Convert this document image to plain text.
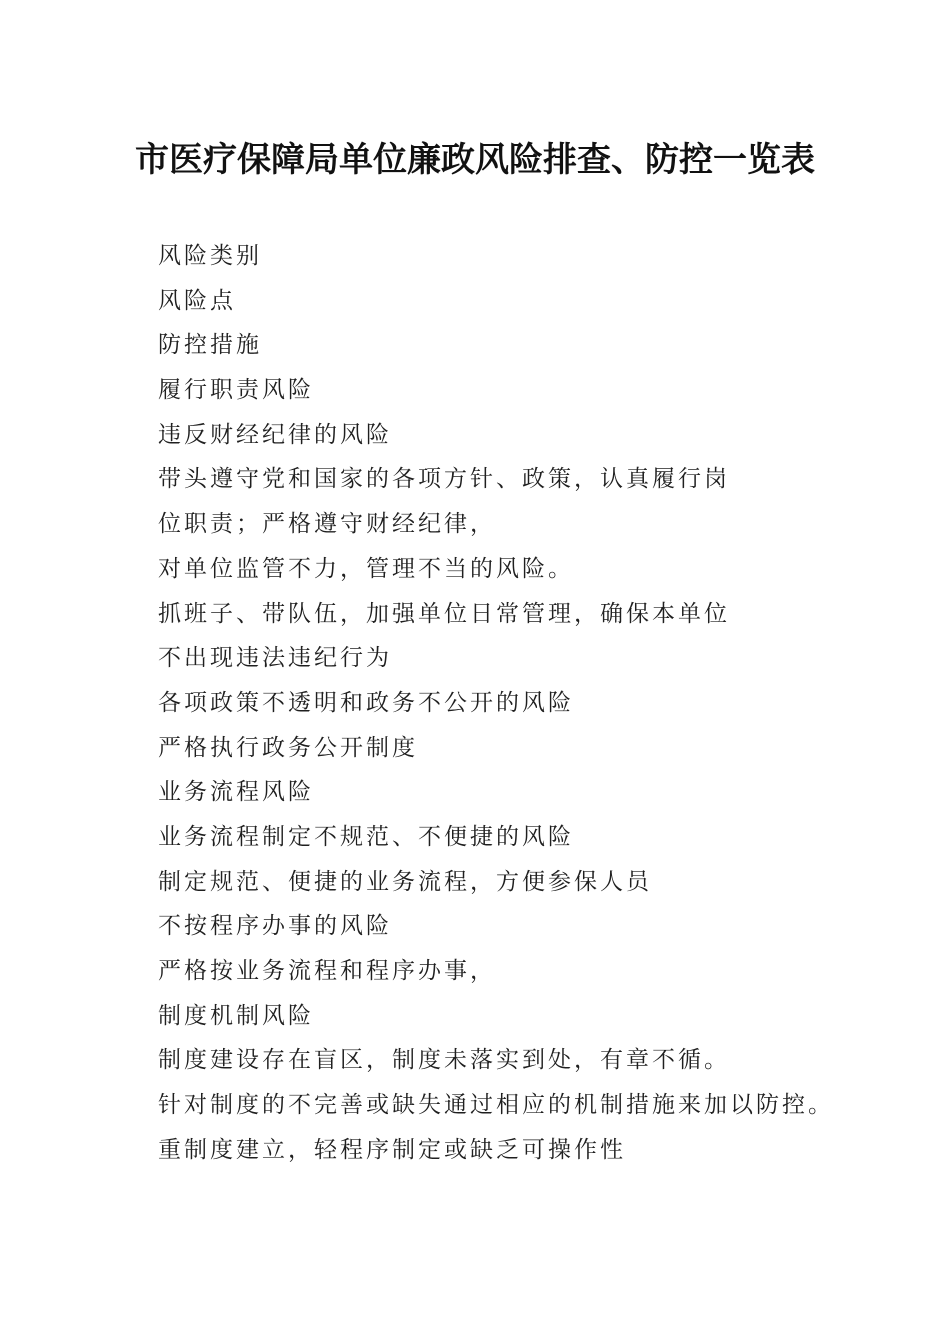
市医疗保障局单位廉政风险排查、防控一览表
风险类别
风险点
防控措施
履行职责风险
违反财经纪律的风险
带头遵守党和国家的各项方针、政策，认真履行岗
位职责；严格遵守财经纪律，
对单位监管不力，管理不当的风险。
抓班子、带队伍，加强单位日常管理，确保本单位
不出现违法违纪行为
各项政策不透明和政务不公开的风险
严格执行政务公开制度
业务流程风险
业务流程制定不规范、不便捷的风险
制定规范、便捷的业务流程，方便参保人员
不按程序办事的风险
严格按业务流程和程序办事，
制度机制风险
制度建设存在盲区，制度未落实到处，有章不循。
针对制度的不完善或缺失通过相应的机制措施来加以防控。
重制度建立，轻程序制定或缺乏可操作性
